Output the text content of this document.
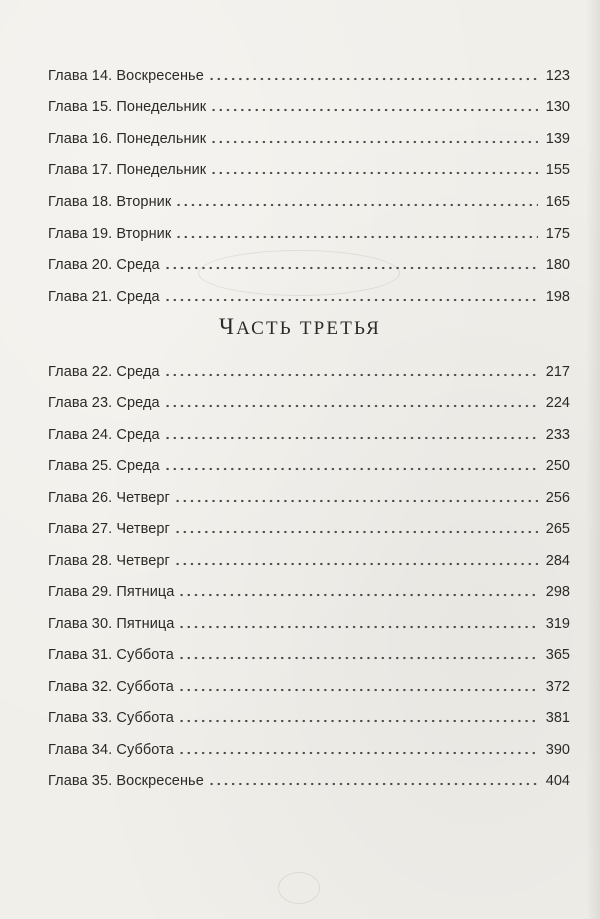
Глава 14. Воскресенье	123
Глава 15. Понедельник	130
Глава 16. Понедельник	139
Глава 17. Понедельник	155
Глава 18. Вторник	165
Глава 19. Вторник	175
Глава 20. Среда	180
Глава 21. Среда	198
ЧАСТЬ ТРЕТЬЯ
Глава 22. Среда	217
Глава 23. Среда	224
Глава 24. Среда	233
Глава 25. Среда	250
Глава 26. Четверг	256
Глава 27. Четверг	265
Глава 28. Четверг	284
Глава 29. Пятница	298
Глава 30. Пятница	319
Глава 31. Суббота	365
Глава 32. Суббота	372
Глава 33. Суббота	381
Глава 34. Суббота	390
Глава 35. Воскресенье	404
